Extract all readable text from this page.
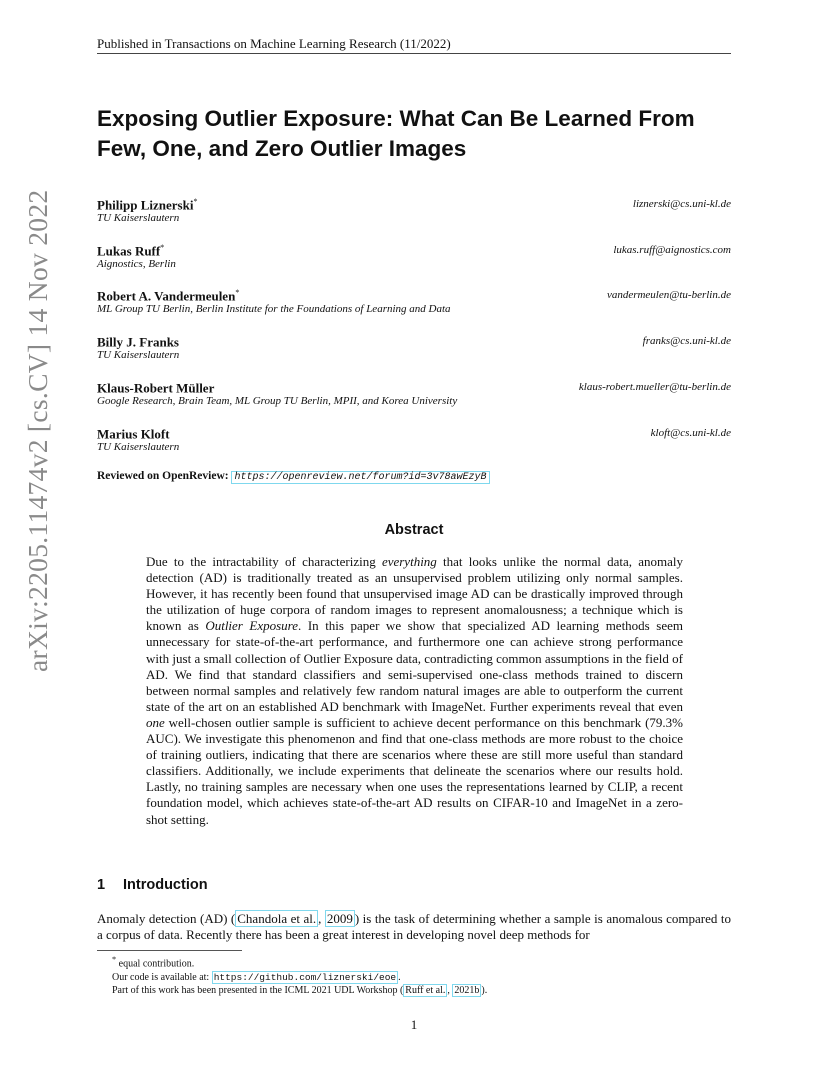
arXiv:2205.11474v2 [cs.CV] 14 Nov 2022
Published in Transactions on Machine Learning Research (11/2022)
Exposing Outlier Exposure: What Can Be Learned From Few, One, and Zero Outlier Images
Philipp Liznerski*
TU Kaiserslautern
liznerski@cs.uni-kl.de
Lukas Ruff*
Aignostics, Berlin
lukas.ruff@aignostics.com
Robert A. Vandermeulen*
ML Group TU Berlin, Berlin Institute for the Foundations of Learning and Data
vandermeulen@tu-berlin.de
Billy J. Franks
TU Kaiserslautern
franks@cs.uni-kl.de
Klaus-Robert Müller
Google Research, Brain Team, ML Group TU Berlin, MPII, and Korea University
klaus-robert.mueller@tu-berlin.de
Marius Kloft
TU Kaiserslautern
kloft@cs.uni-kl.de
Reviewed on OpenReview: https://openreview.net/forum?id=3v78awEzyB
Abstract
Due to the intractability of characterizing everything that looks unlike the normal data, anomaly detection (AD) is traditionally treated as an unsupervised problem utilizing only normal samples. However, it has recently been found that unsupervised image AD can be drastically improved through the utilization of huge corpora of random images to represent anomalousness; a technique which is known as Outlier Exposure. In this paper we show that specialized AD learning methods seem unnecessary for state-of-the-art performance, and furthermore one can achieve strong performance with just a small collection of Outlier Exposure data, contradicting common assumptions in the field of AD. We find that standard classifiers and semi-supervised one-class methods trained to discern between normal samples and relatively few random natural images are able to outperform the current state of the art on an established AD benchmark with ImageNet. Further experiments reveal that even one well-chosen outlier sample is sufficient to achieve decent performance on this benchmark (79.3% AUC). We investigate this phenomenon and find that one-class methods are more robust to the choice of training outliers, indicating that there are scenarios where these are still more useful than standard classifiers. Additionally, we include experiments that delineate the scenarios where our results hold. Lastly, no training samples are necessary when one uses the representations learned by CLIP, a recent foundation model, which achieves state-of-the-art AD results on CIFAR-10 and ImageNet in a zero-shot setting.
1 Introduction
Anomaly detection (AD) ( Chandola et al. , 2009 ) is the task of determining whether a sample is anomalous compared to a corpus of data. Recently there has been a great interest in developing novel deep methods for
* equal contribution.
Our code is available at: https://github.com/liznerski/eoe .
Part of this work has been presented in the ICML 2021 UDL Workshop ( Ruff et al. , 2021b ).
1
